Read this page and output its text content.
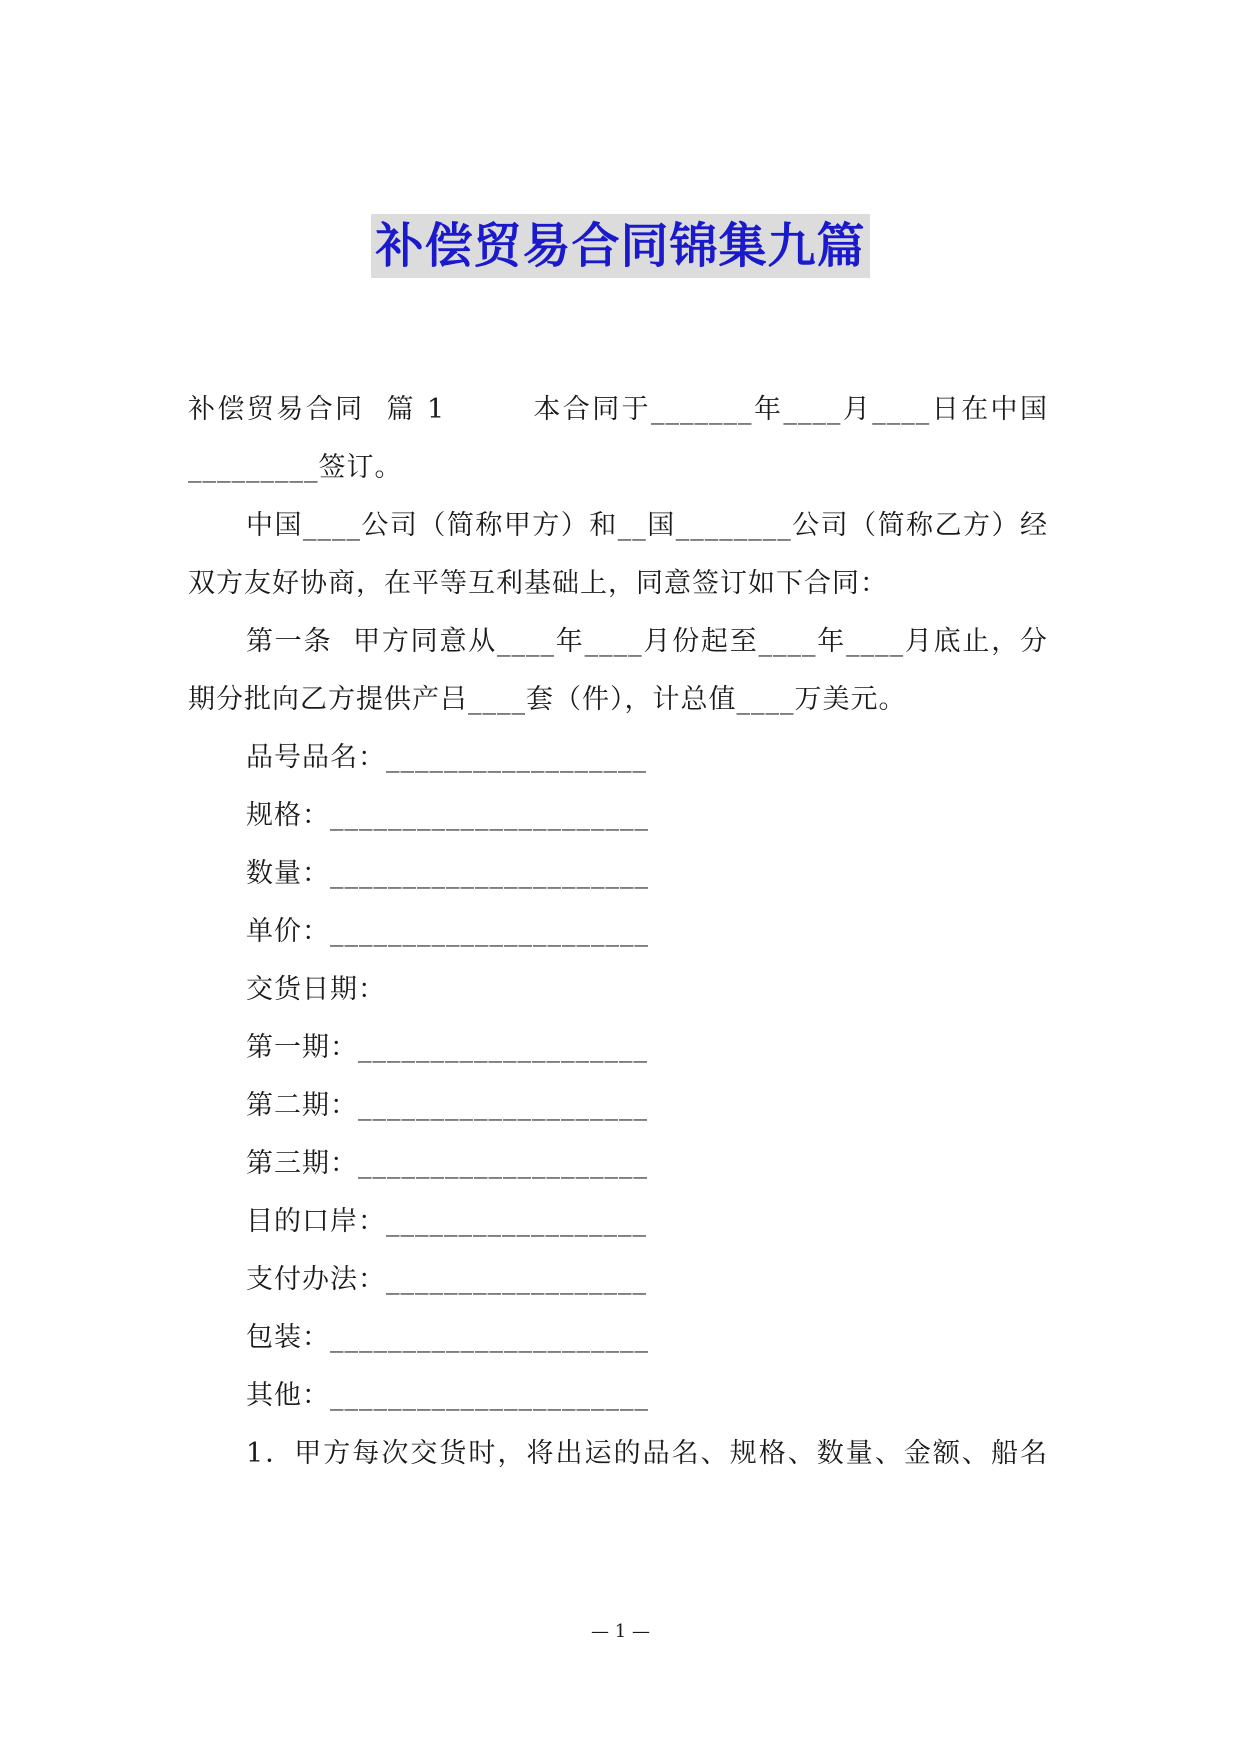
补偿贸易合同锦集九篇
补偿贸易合同  篇 1        本合同于_______年____月____日在中国
_________签订。
中国____公司（简称甲方）和__国________公司（简称乙方）经
双方友好协商，在平等互利基础上，同意签订如下合同：
第一条  甲方同意从____年____月份起至____年____月底止，分
期分批向乙方提供产吕____套（件），计总值____万美元。
品号品名：__________________
规格：______________________
数量：______________________
单价：______________________
交货日期：
第一期：____________________
第二期：____________________
第三期：____________________
目的口岸：__________________
支付办法：__________________
包装：______________________
其他：______________________
1．甲方每次交货时，将出运的品名、规格、数量、金额、船名
— 1 —
